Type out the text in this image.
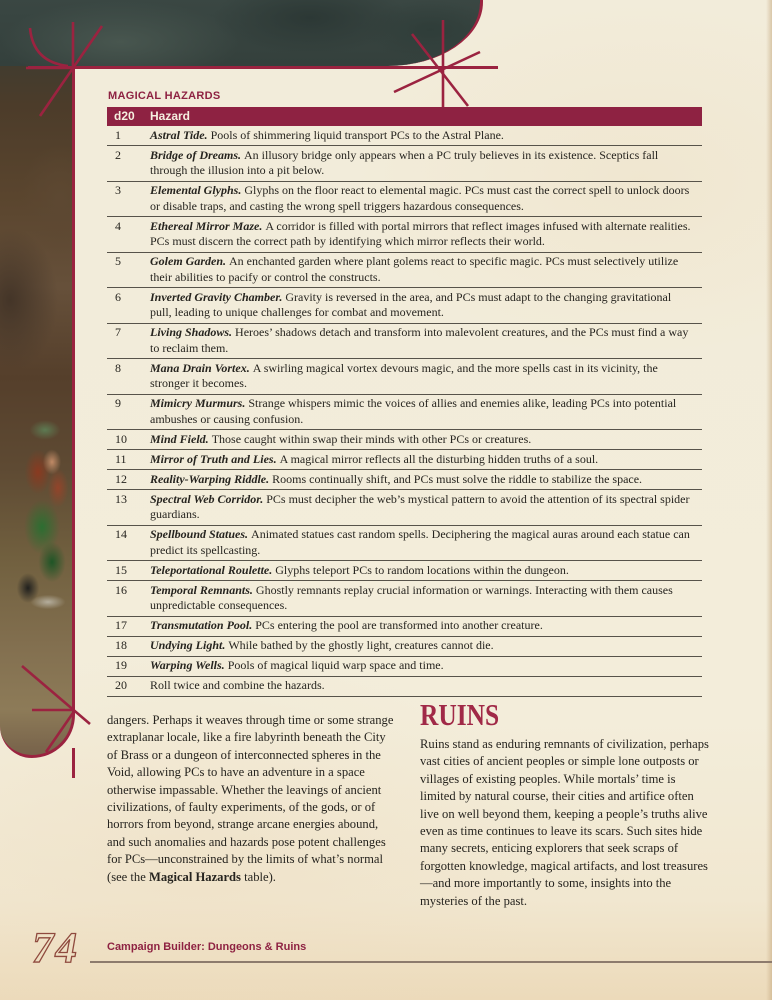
MAGICAL HAZARDS
d20	Hazard
1	Astral Tide. Pools of shimmering liquid transport PCs to the Astral Plane.
2	Bridge of Dreams. An illusory bridge only appears when a PC truly believes in its existence. Sceptics fall through the illusion into a pit below.
3	Elemental Glyphs. Glyphs on the floor react to elemental magic. PCs must cast the correct spell to unlock doors or disable traps, and casting the wrong spell triggers hazardous consequences.
4	Ethereal Mirror Maze. A corridor is filled with portal mirrors that reflect images infused with alternate realities. PCs must discern the correct path by identifying which mirror reflects their world.
5	Golem Garden. An enchanted garden where plant golems react to specific magic. PCs must selectively utilize their abilities to pacify or control the constructs.
6	Inverted Gravity Chamber. Gravity is reversed in the area, and PCs must adapt to the changing gravitational pull, leading to unique challenges for combat and movement.
7	Living Shadows. Heroes’ shadows detach and transform into malevolent creatures, and the PCs must find a way to reclaim them.
8	Mana Drain Vortex. A swirling magical vortex devours magic, and the more spells cast in its vicinity, the stronger it becomes.
9	Mimicry Murmurs. Strange whispers mimic the voices of allies and enemies alike, leading PCs into potential ambushes or causing confusion.
10	Mind Field. Those caught within swap their minds with other PCs or creatures.
11	Mirror of Truth and Lies. A magical mirror reflects all the disturbing hidden truths of a soul.
12	Reality-Warping Riddle. Rooms continually shift, and PCs must solve the riddle to stabilize the space.
13	Spectral Web Corridor. PCs must decipher the web’s mystical pattern to avoid the attention of its spectral spider guardians.
14	Spellbound Statues. Animated statues cast random spells. Deciphering the magical auras around each statue can predict its spellcasting.
15	Teleportational Roulette. Glyphs teleport PCs to random locations within the dungeon.
16	Temporal Remnants. Ghostly remnants replay crucial information or warnings. Interacting with them causes unpredictable consequences.
17	Transmutation Pool. PCs entering the pool are transformed into another creature.
18	Undying Light. While bathed by the ghostly light, creatures cannot die.
19	Warping Wells. Pools of magical liquid warp space and time.
20	Roll twice and combine the hazards.
dangers. Perhaps it weaves through time or some strange extraplanar locale, like a fire labyrinth beneath the City of Brass or a dungeon of interconnected spheres in the Void, allowing PCs to have an adventure in a space otherwise impassable. Whether the leavings of ancient civilizations, of faulty experiments, of the gods, or of horrors from beyond, strange arcane energies abound, and such anomalies and hazards pose potent challenges for PCs—unconstrained by the limits of what’s normal (see the Magical Hazards table).
RUINS
Ruins stand as enduring remnants of civilization, perhaps vast cities of ancient peoples or simple lone outposts or villages of existing peoples. While mortals’ time is limited by natural course, their cities and artifice often live on well beyond them, keeping a people’s truths alive even as time continues to leave its scars. Such sites hide many secrets, enticing explorers that seek scraps of forgotten knowledge, magical artifacts, and lost treasures—and more importantly to some, insights into the mysteries of the past.
74	Campaign Builder: Dungeons & Ruins
